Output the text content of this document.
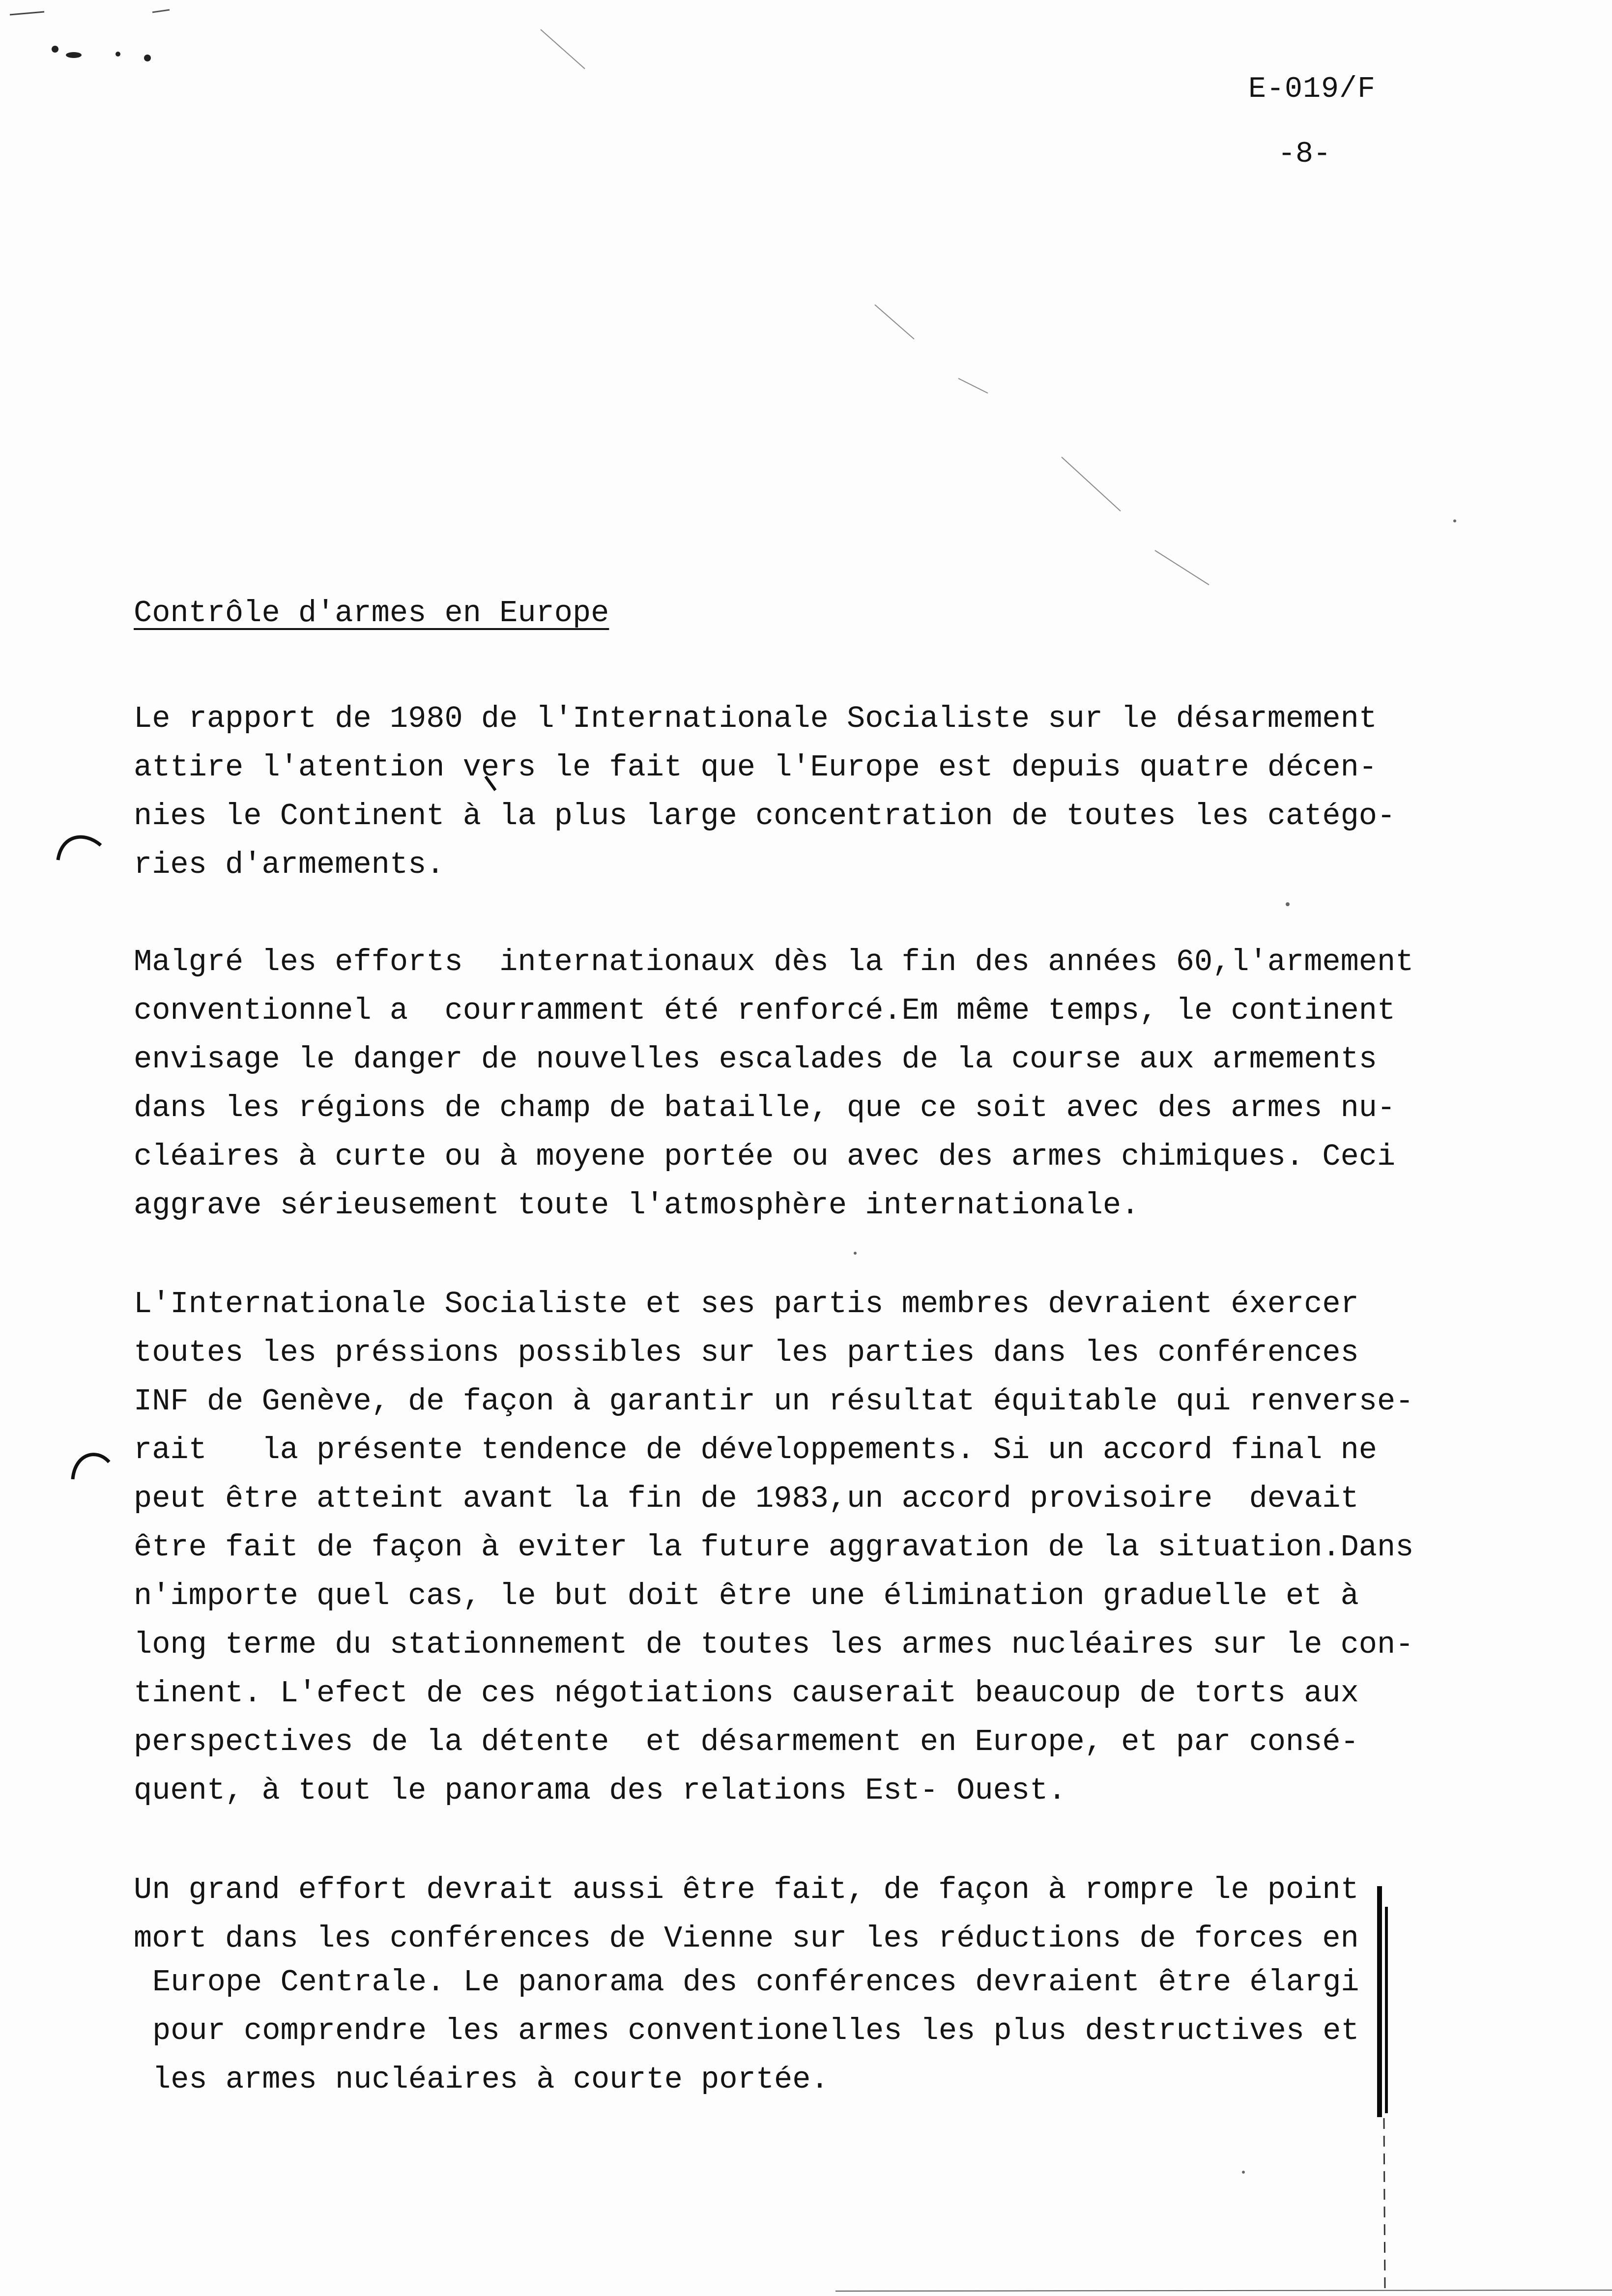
E-019/F
-8-
Contrôle d'armes en Europe
Le rapport de 1980 de l'Internationale Socialiste sur le désarmement
attire l'atention vers le fait que l'Europe est depuis quatre décen-
nies le Continent à la plus large concentration de toutes les catégo-
ries d'armements.
Malgré les efforts  internationaux dès la fin des années 60,l'armement
conventionnel a  courramment été renforcé.Em même temps, le continent
envisage le danger de nouvelles escalades de la course aux armements
dans les régions de champ de bataille, que ce soit avec des armes nu-
cléaires à curte ou à moyene portée ou avec des armes chimiques. Ceci
aggrave sérieusement toute l'atmosphère internationale.
L'Internationale Socialiste et ses partis membres devraient éxercer
toutes les préssions possibles sur les parties dans les conférences
INF de Genève, de façon à garantir un résultat équitable qui renverse-
rait   la présente tendence de développements. Si un accord final ne
peut être atteint avant la fin de 1983,un accord provisoire  devait
être fait de façon à eviter la future aggravation de la situation.Dans
n'importe quel cas, le but doit être une élimination graduelle et à
long terme du stationnement de toutes les armes nucléaires sur le con-
tinent. L'efect de ces négotiations causerait beaucoup de torts aux
perspectives de la détente  et désarmement en Europe, et par consé-
quent, à tout le panorama des relations Est- Ouest.
Un grand effort devrait aussi être fait, de façon à rompre le point
mort dans les conférences de Vienne sur les réductions de forces en
Europe Centrale. Le panorama des conférences devraient être élargi
pour comprendre les armes conventionelles les plus destructives et
les armes nucléaires à courte portée.
